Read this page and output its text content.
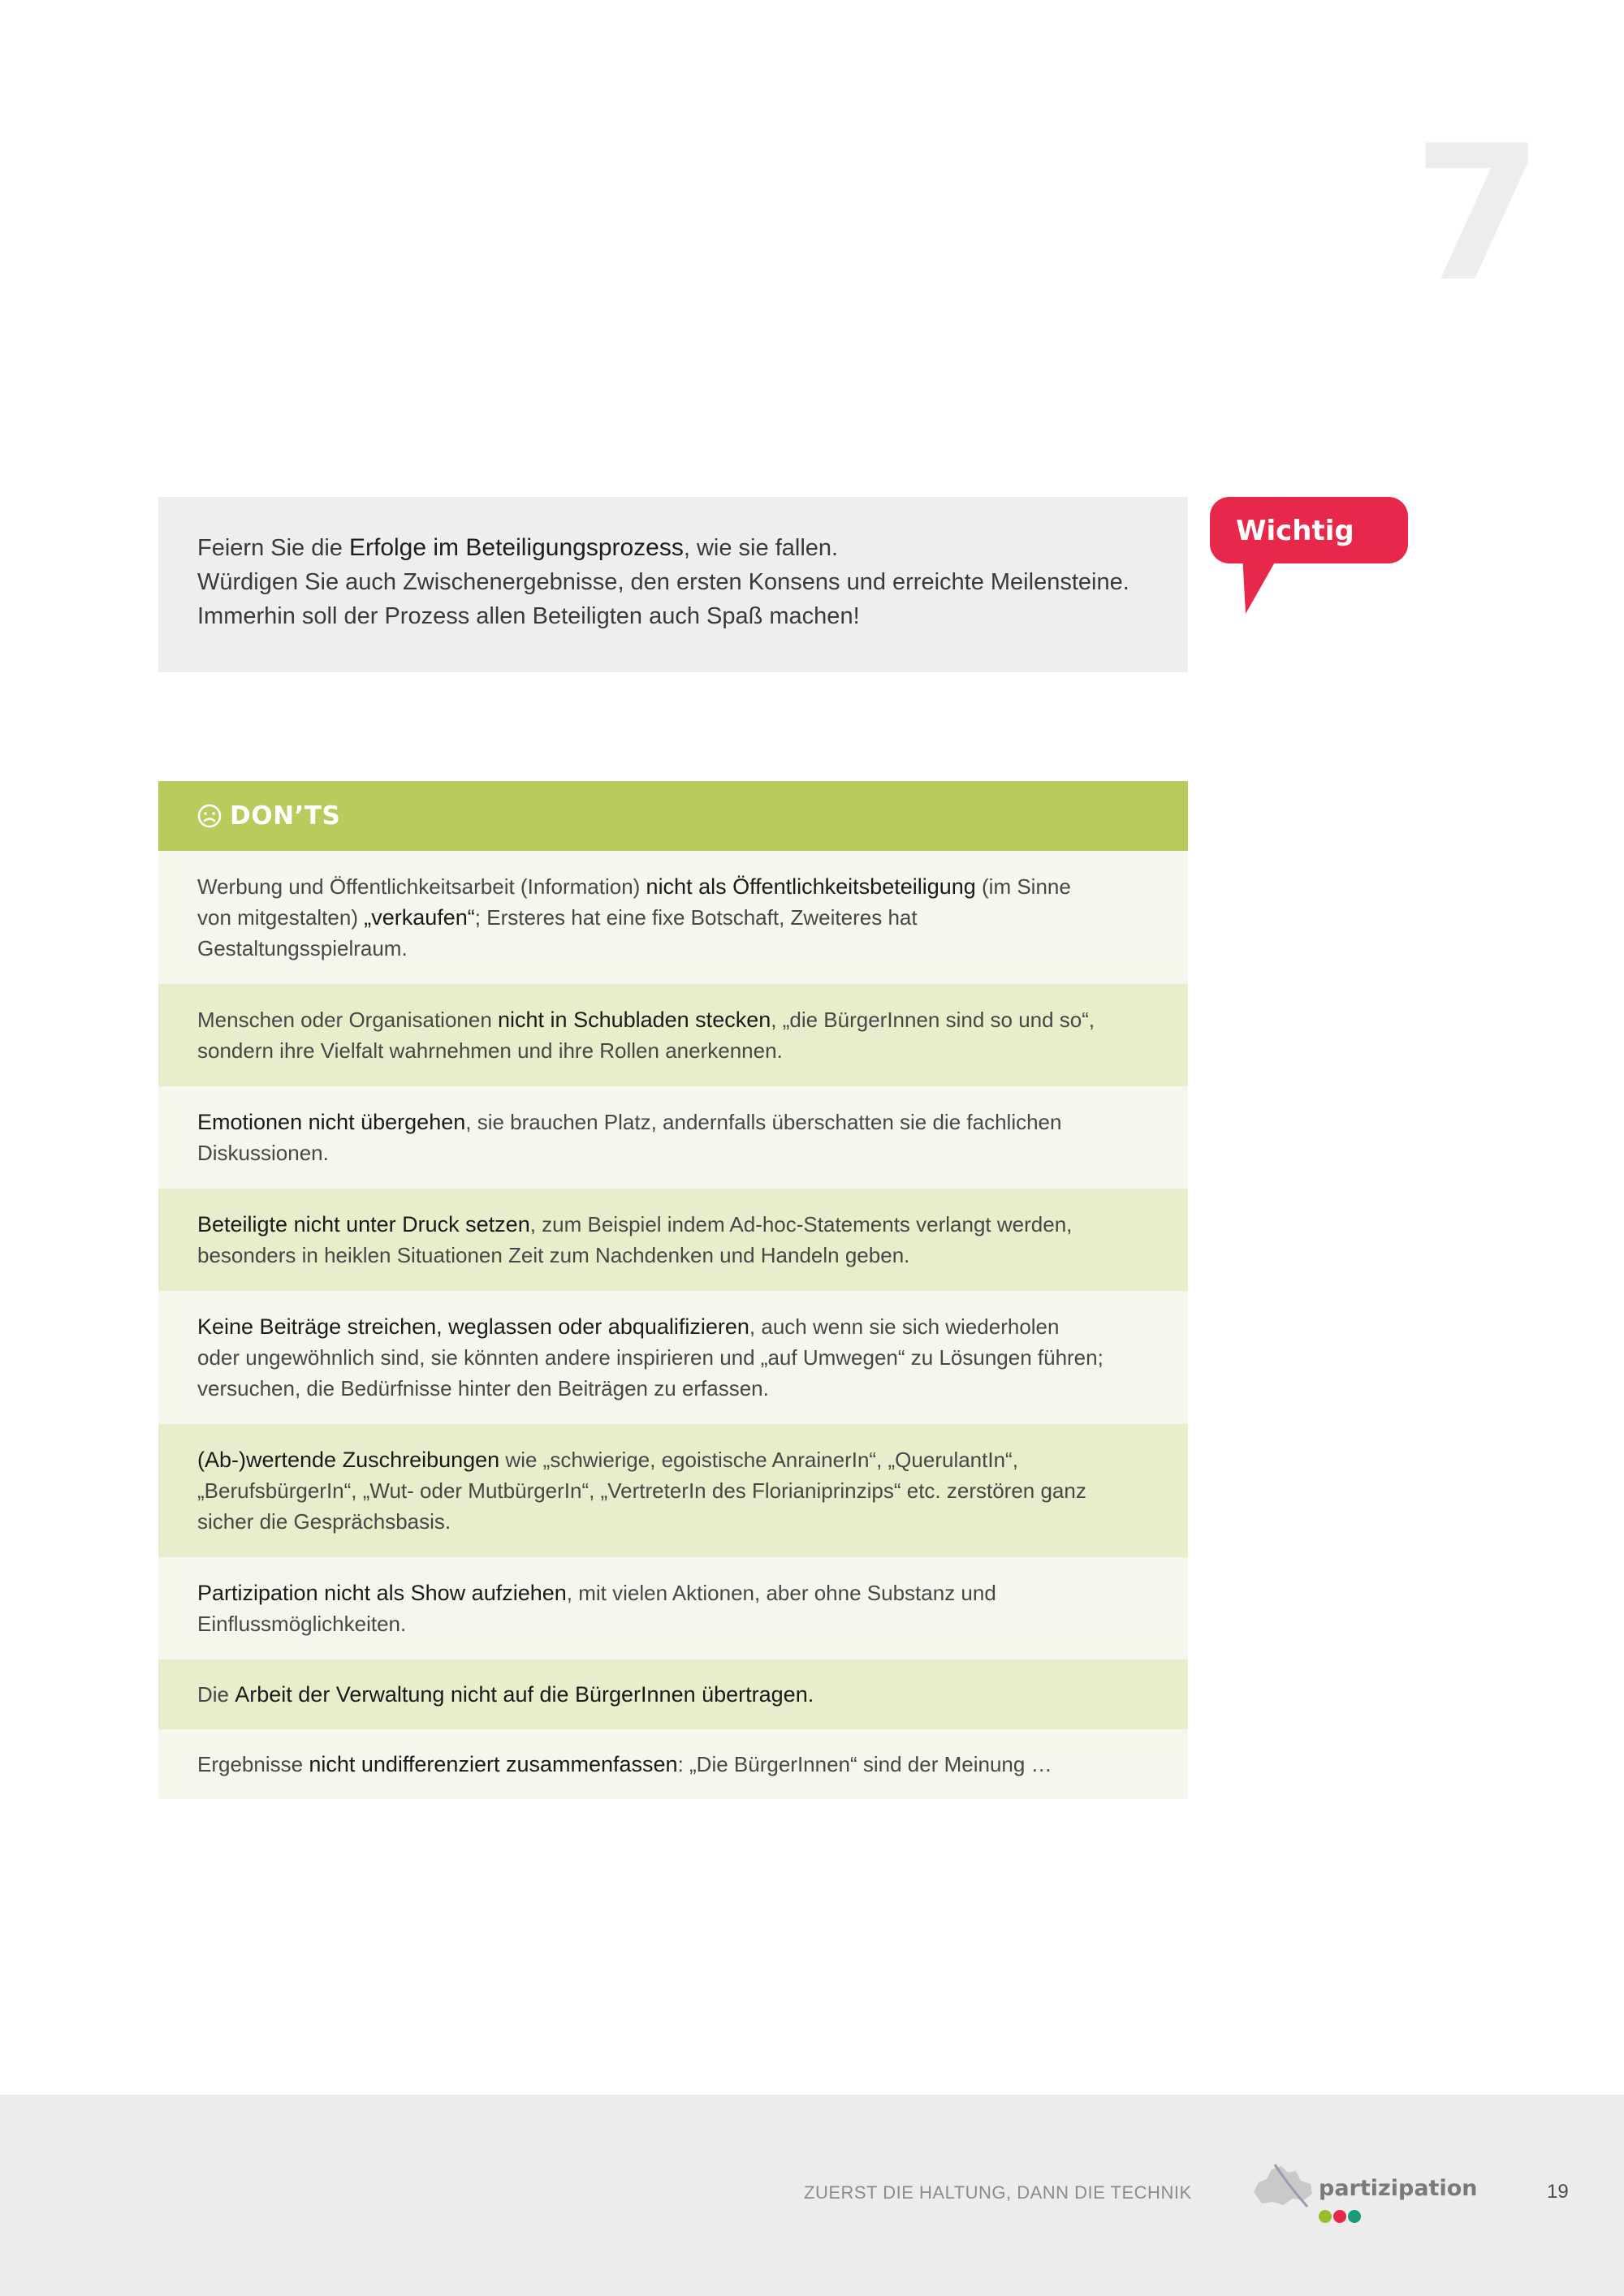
7

Feiern Sie die Erfolge im Beteiligungsprozess, wie sie fallen.

Würdigen Sie auch Zwischenergebnisse, den ersten Konsens und erreichte Meilensteine.

Immerhin soll der Prozess allen Beteiligten auch Spaß machen!

Wichtig
DON’TS
Werbung und Öffentlichkeitsarbeit (Information) nicht als Öffentlichkeitsbeteiligung (im Sinne von mitgestalten) „verkaufen“; Ersteres hat eine fixe Botschaft, Zweiteres hat Gestaltungsspielraum.
Menschen oder Organisationen nicht in Schubladen stecken, „die BürgerInnen sind so und so“, sondern ihre Vielfalt wahrnehmen und ihre Rollen anerkennen.
Emotionen nicht übergehen, sie brauchen Platz, andernfalls überschatten sie die fachlichen Diskussionen.
Beteiligte nicht unter Druck setzen, zum Beispiel indem Ad-hoc-Statements verlangt werden, besonders in heiklen Situationen Zeit zum Nachdenken und Handeln geben.
Keine Beiträge streichen, weglassen oder abqualifizieren, auch wenn sie sich wiederholen oder ungewöhnlich sind, sie könnten andere inspirieren und „auf Umwegen“ zu Lösungen führen; versuchen, die Bedürfnisse hinter den Beiträgen zu erfassen.
(Ab-)wertende Zuschreibungen wie „schwierige, egoistische AnrainerIn“, „QuerulantIn“, „BerufsbürgerIn“, „Wut- oder MutbürgerIn“, „VertreterIn des Florianiprinzips“ etc. zerstören ganz sicher die Gesprächsbasis.
Partizipation nicht als Show aufziehen, mit vielen Aktionen, aber ohne Substanz und Einflussmöglichkeiten.
Die Arbeit der Verwaltung nicht auf die BürgerInnen übertragen.
Ergebnisse nicht undifferenziert zusammenfassen: „Die BürgerInnen“ sind der Meinung …
ZUERST DIE HALTUNG, DANN DIE TECHNIK	partizipation	19
